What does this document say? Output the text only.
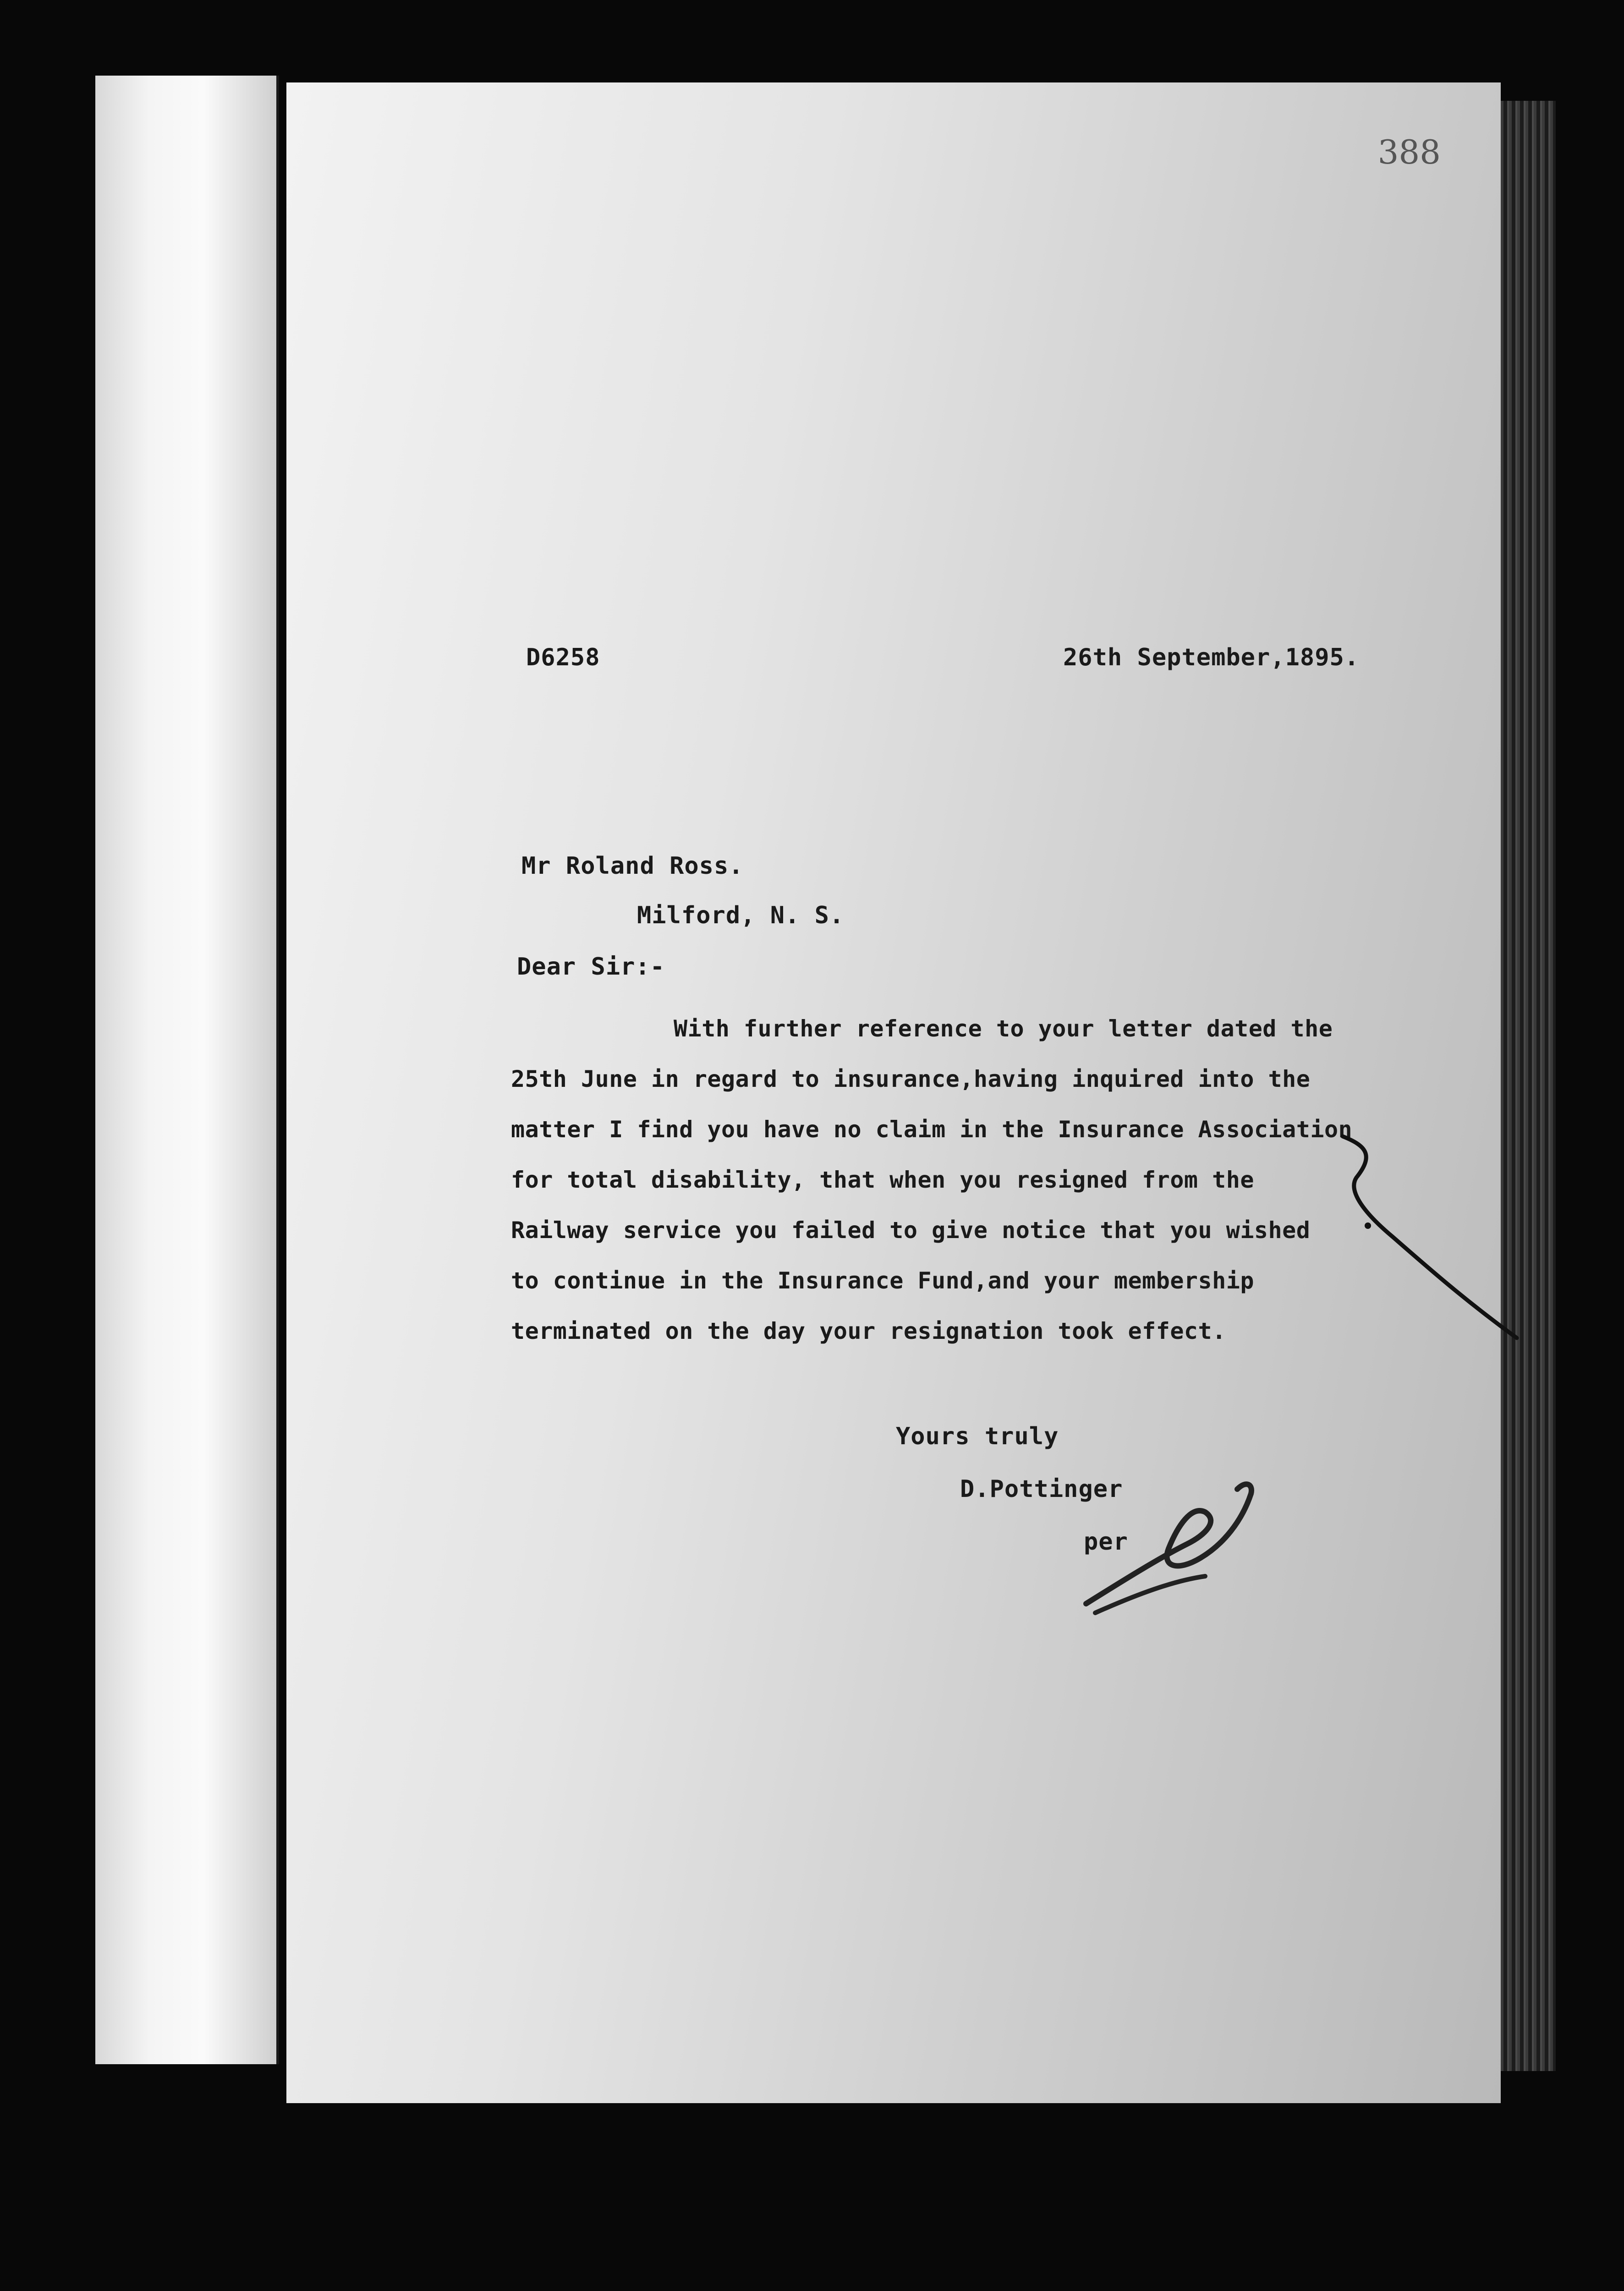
388
D6258	26th September,1895.
Mr Roland Ross.
Milford, N. S.
Dear Sir:-
With further reference to your letter dated the
25th June in regard to insurance,having inquired into the
matter I find you have no claim in the Insurance Association
for total disability, that when you resigned from the
Railway service you failed to give notice that you wished
to continue in the Insurance Fund,and your membership
terminated on the day your resignation took effect.
Yours truly
D.Pottinger
per
